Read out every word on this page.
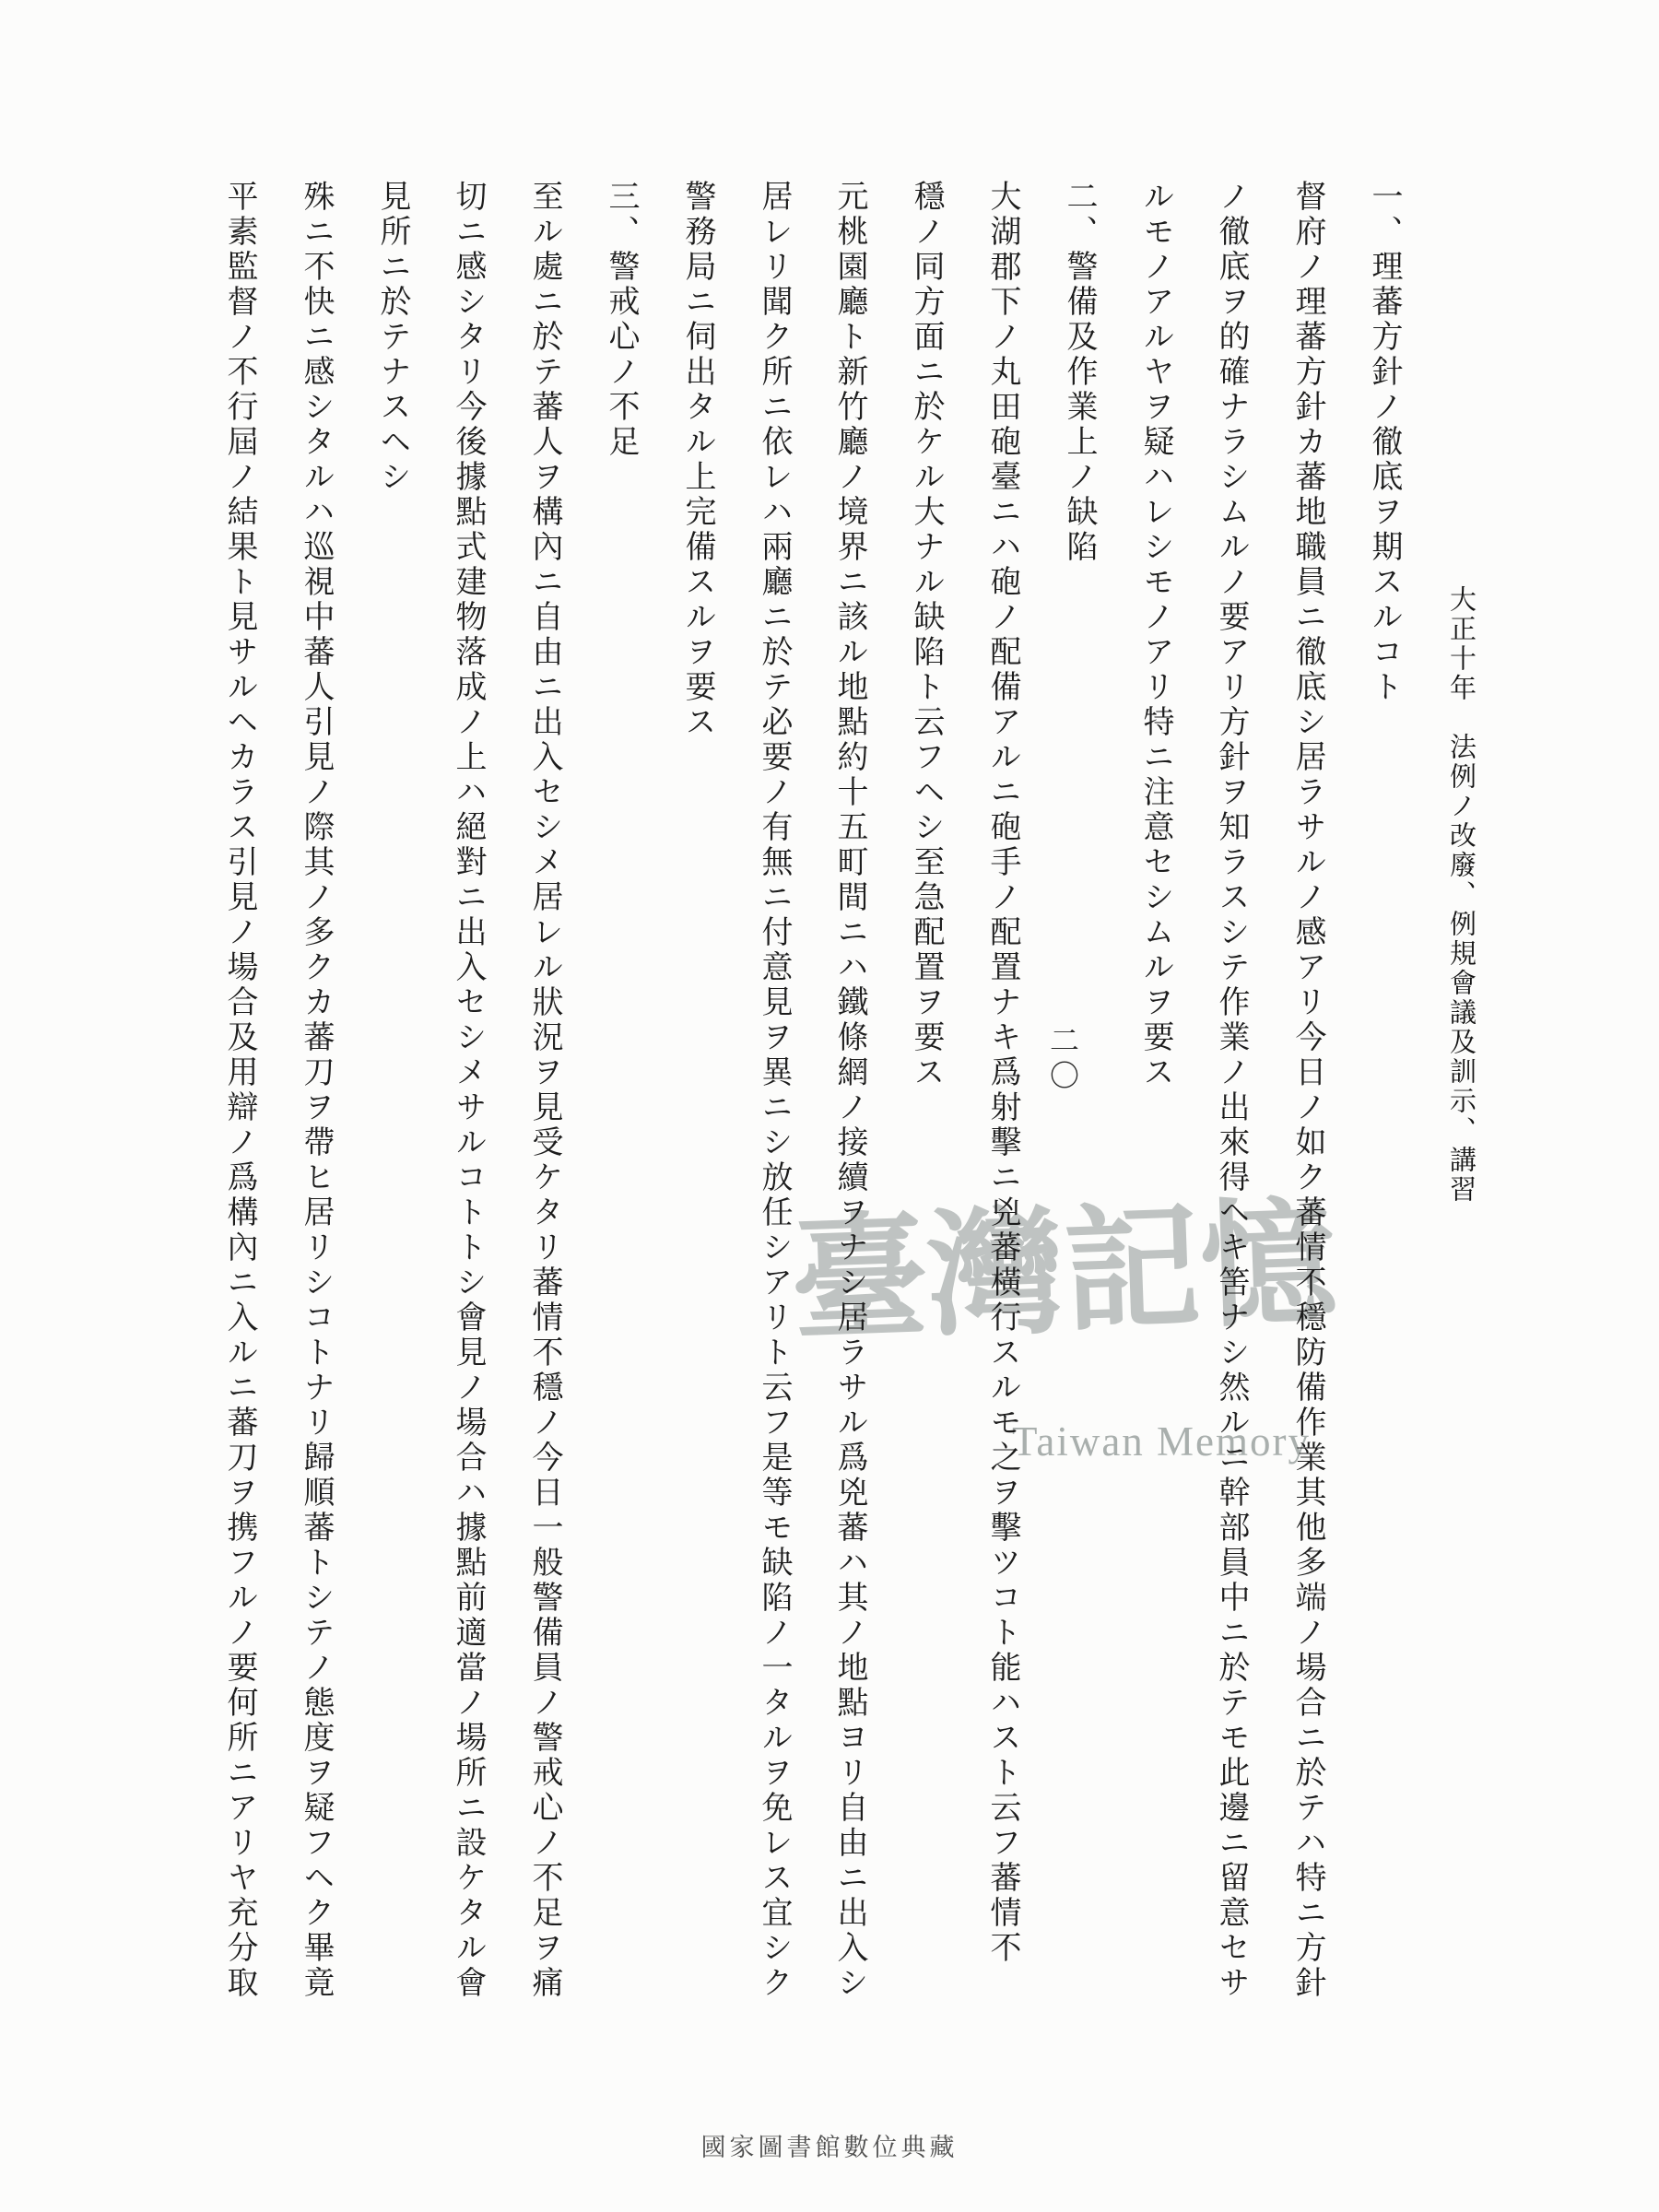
臺灣記憶
Taiwan Memory
大正十年　法例ノ改廢、例規會議及訓示、講習
一、理蕃方針ノ徹底ヲ期スルコト
督府ノ理蕃方針カ蕃地職員ニ徹底シ居ラサルノ感アリ今日ノ如ク蕃情不穩防備作業其他多端ノ場合ニ於テハ特ニ方針
ノ徹底ヲ的確ナラシムルノ要アリ方針ヲ知ラスシテ作業ノ出來得ヘキ筈ナシ然ルニ幹部員中ニ於テモ此邊ニ留意セサ
ルモノアルヤヲ疑ハレシモノアリ特ニ注意セシムルヲ要ス
二、警備及作業上ノ缺陷
大湖郡下ノ丸田砲臺ニハ砲ノ配備アルニ砲手ノ配置ナキ爲射擊ニ兇蕃橫行スルモ之ヲ擊ツコト能ハスト云フ蕃情不
穩ノ同方面ニ於ケル大ナル缺陷ト云フヘシ至急配置ヲ要ス
元桃園廳ト新竹廳ノ境界ニ該ル地點約十五町間ニハ鐵條網ノ接續ヲナシ居ラサル爲兇蕃ハ其ノ地點ヨリ自由ニ出入シ
居レリ聞ク所ニ依レハ兩廳ニ於テ必要ノ有無ニ付意見ヲ異ニシ放任シアリト云フ是等モ缺陷ノ一タルヲ免レス宜シク
警務局ニ伺出タル上完備スルヲ要ス
三、警戒心ノ不足
至ル處ニ於テ蕃人ヲ構內ニ自由ニ出入セシメ居レル狀況ヲ見受ケタリ蕃情不穩ノ今日一般警備員ノ警戒心ノ不足ヲ痛
切ニ感シタリ今後據點式建物落成ノ上ハ絕對ニ出入セシメサルコトトシ會見ノ場合ハ據點前適當ノ場所ニ設ケタル會
見所ニ於テナスヘシ
殊ニ不快ニ感シタルハ巡視中蕃人引見ノ際其ノ多クカ蕃刀ヲ帶ヒ居リシコトナリ歸順蕃トシテノ態度ヲ疑フヘク畢竟
平素監督ノ不行屆ノ結果ト見サルヘカラス引見ノ場合及用辯ノ爲構內ニ入ルニ蕃刀ヲ携フルノ要何所ニアリヤ充分取	二〇
國家圖書館數位典藏
